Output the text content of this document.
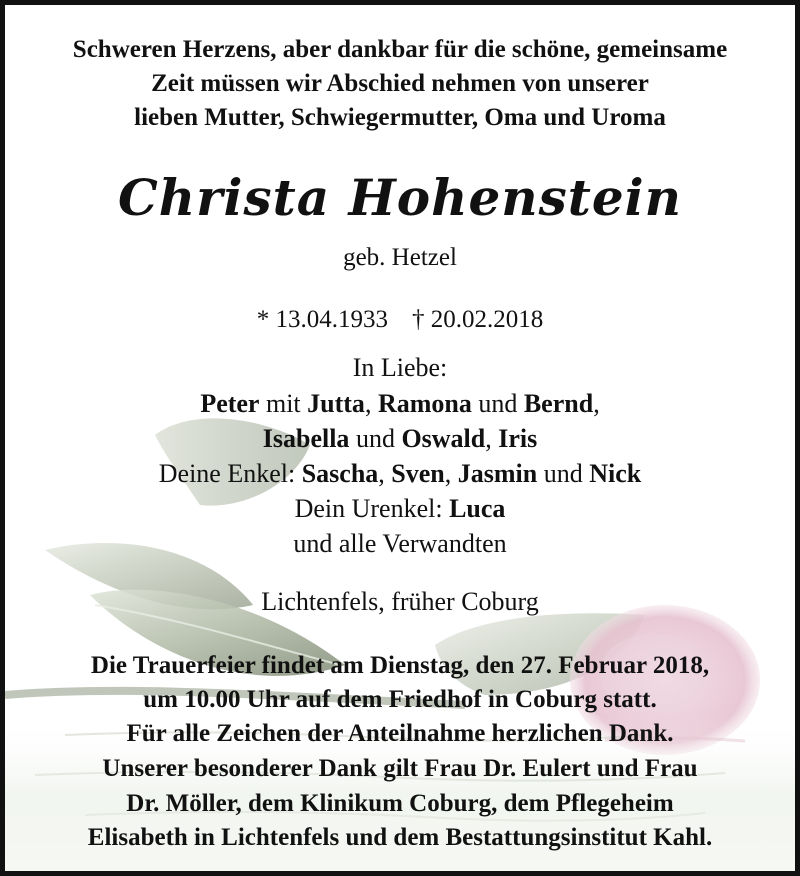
Schweren Herzens, aber dankbar für die schöne, gemeinsame
Zeit müssen wir Abschied nehmen von unserer
lieben Mutter, Schwiegermutter, Oma und Uroma
Christa Hohenstein
geb. Hetzel
* 13.04.1933 † 20.02.2018
In Liebe:
Peter mit Jutta, Ramona und Bernd,
Isabella und Oswald, Iris
Deine Enkel: Sascha, Sven, Jasmin und Nick
Dein Urenkel: Luca
und alle Verwandten
Lichtenfels, früher Coburg
Die Trauerfeier findet am Dienstag, den 27. Februar 2018,
um 10.00 Uhr auf dem Friedhof in Coburg statt.
Für alle Zeichen der Anteilnahme herzlichen Dank.
Unserer besonderer Dank gilt Frau Dr. Eulert und Frau
Dr. Möller, dem Klinikum Coburg, dem Pflegeheim
Elisabeth in Lichtenfels und dem Bestattungsinstitut Kahl.
